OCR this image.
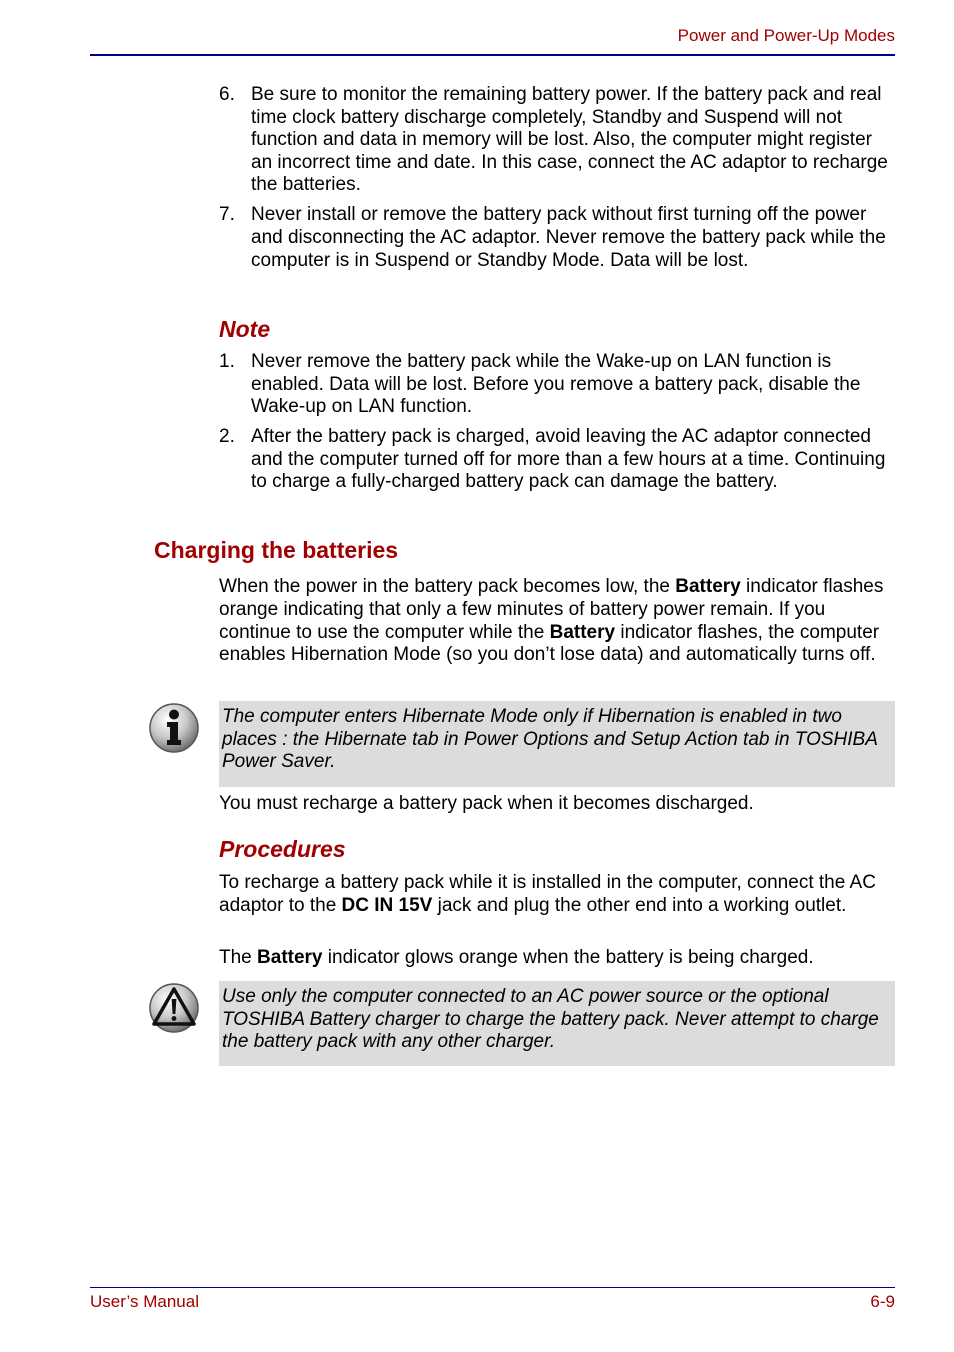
Power and Power-Up Modes
6. Be sure to monitor the remaining battery power. If the battery pack and real time clock battery discharge completely, Standby and Suspend will not function and data in memory will be lost. Also, the computer might register an incorrect time and date. In this case, connect the AC adaptor to recharge the batteries.
7. Never install or remove the battery pack without first turning off the power and disconnecting the AC adaptor. Never remove the battery pack while the computer is in Suspend or Standby Mode. Data will be lost.
Note
1. Never remove the battery pack while the Wake-up on LAN function is enabled. Data will be lost. Before you remove a battery pack, disable the Wake-up on LAN function.
2. After the battery pack is charged, avoid leaving the AC adaptor connected and the computer turned off for more than a few hours at a time. Continuing to charge a fully-charged battery pack can damage the battery.
Charging the batteries

When the power in the battery pack becomes low, the Battery indicator flashes orange indicating that only a few minutes of battery power remain. If you continue to use the computer while the Battery indicator flashes, the computer enables Hibernation Mode (so you don’t lose data) and automatically turns off.

The computer enters Hibernate Mode only if Hibernation is enabled in two places : the Hibernate tab in Power Options and Setup Action tab in TOSHIBA Power Saver.

You must recharge a battery pack when it becomes discharged.

Procedures

To recharge a battery pack while it is installed in the computer, connect the AC adaptor to the DC IN 15V jack and plug the other end into a working outlet.

The Battery indicator glows orange when the battery is being charged.

Use only the computer connected to an AC power source or the optional TOSHIBA Battery charger to charge the battery pack. Never attempt to charge the battery pack with any other charger.
User’s Manual	6-9
